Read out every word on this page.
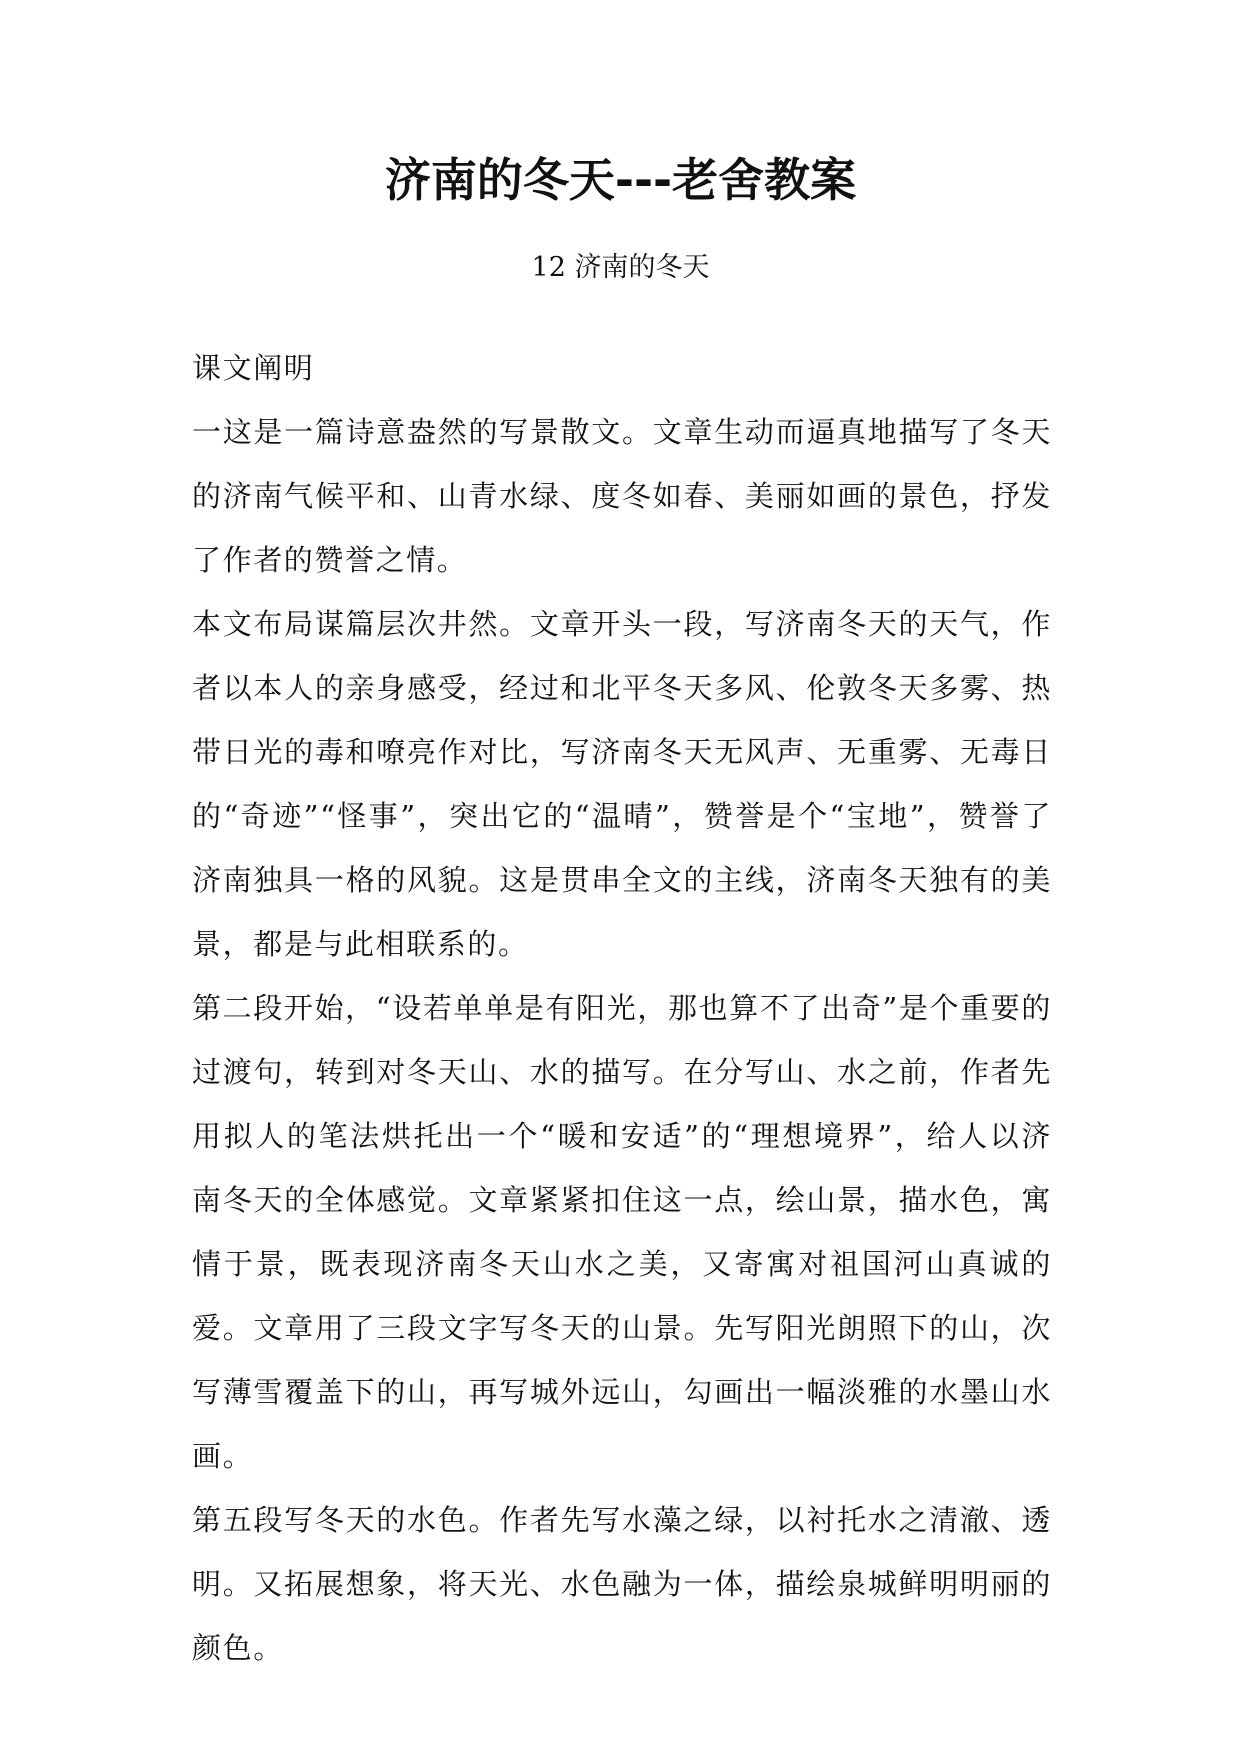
济南的冬天---老舍教案
12 济南的冬天

课文阐明

一这是一篇诗意盎然的写景散文。文章生动而逼真地描写了冬天的济南气候平和、山青水绿、度冬如春、美丽如画的景色，抒发了作者的赞誉之情。

本文布局谋篇层次井然。文章开头一段，写济南冬天的天气，作者以本人的亲身感受，经过和北平冬天多风、伦敦冬天多雾、热带日光的毒和嘹亮作对比，写济南冬天无风声、无重雾、无毒日的“奇迹”“怪事”，突出它的“温晴”，赞誉是个“宝地”，赞誉了济南独具一格的风貌。这是贯串全文的主线，济南冬天独有的美景，都是与此相联系的。

第二段开始，“设若单单是有阳光，那也算不了出奇”是个重要的过渡句，转到对冬天山、水的描写。在分写山、水之前，作者先用拟人的笔法烘托出一个“暖和安适”的“理想境界”，给人以济南冬天的全体感觉。文章紧紧扣住这一点，绘山景，描水色，寓情于景，既表现济南冬天山水之美，又寄寓对祖国河山真诚的爱。文章用了三段文字写冬天的山景。先写阳光朗照下的山，次写薄雪覆盖下的山，再写城外远山，勾画出一幅淡雅的水墨山水画。

第五段写冬天的水色。作者先写水藻之绿，以衬托水之清澈、透明。又拓展想象，将天光、水色融为一体，描绘泉城鲜明明丽的颜色。
